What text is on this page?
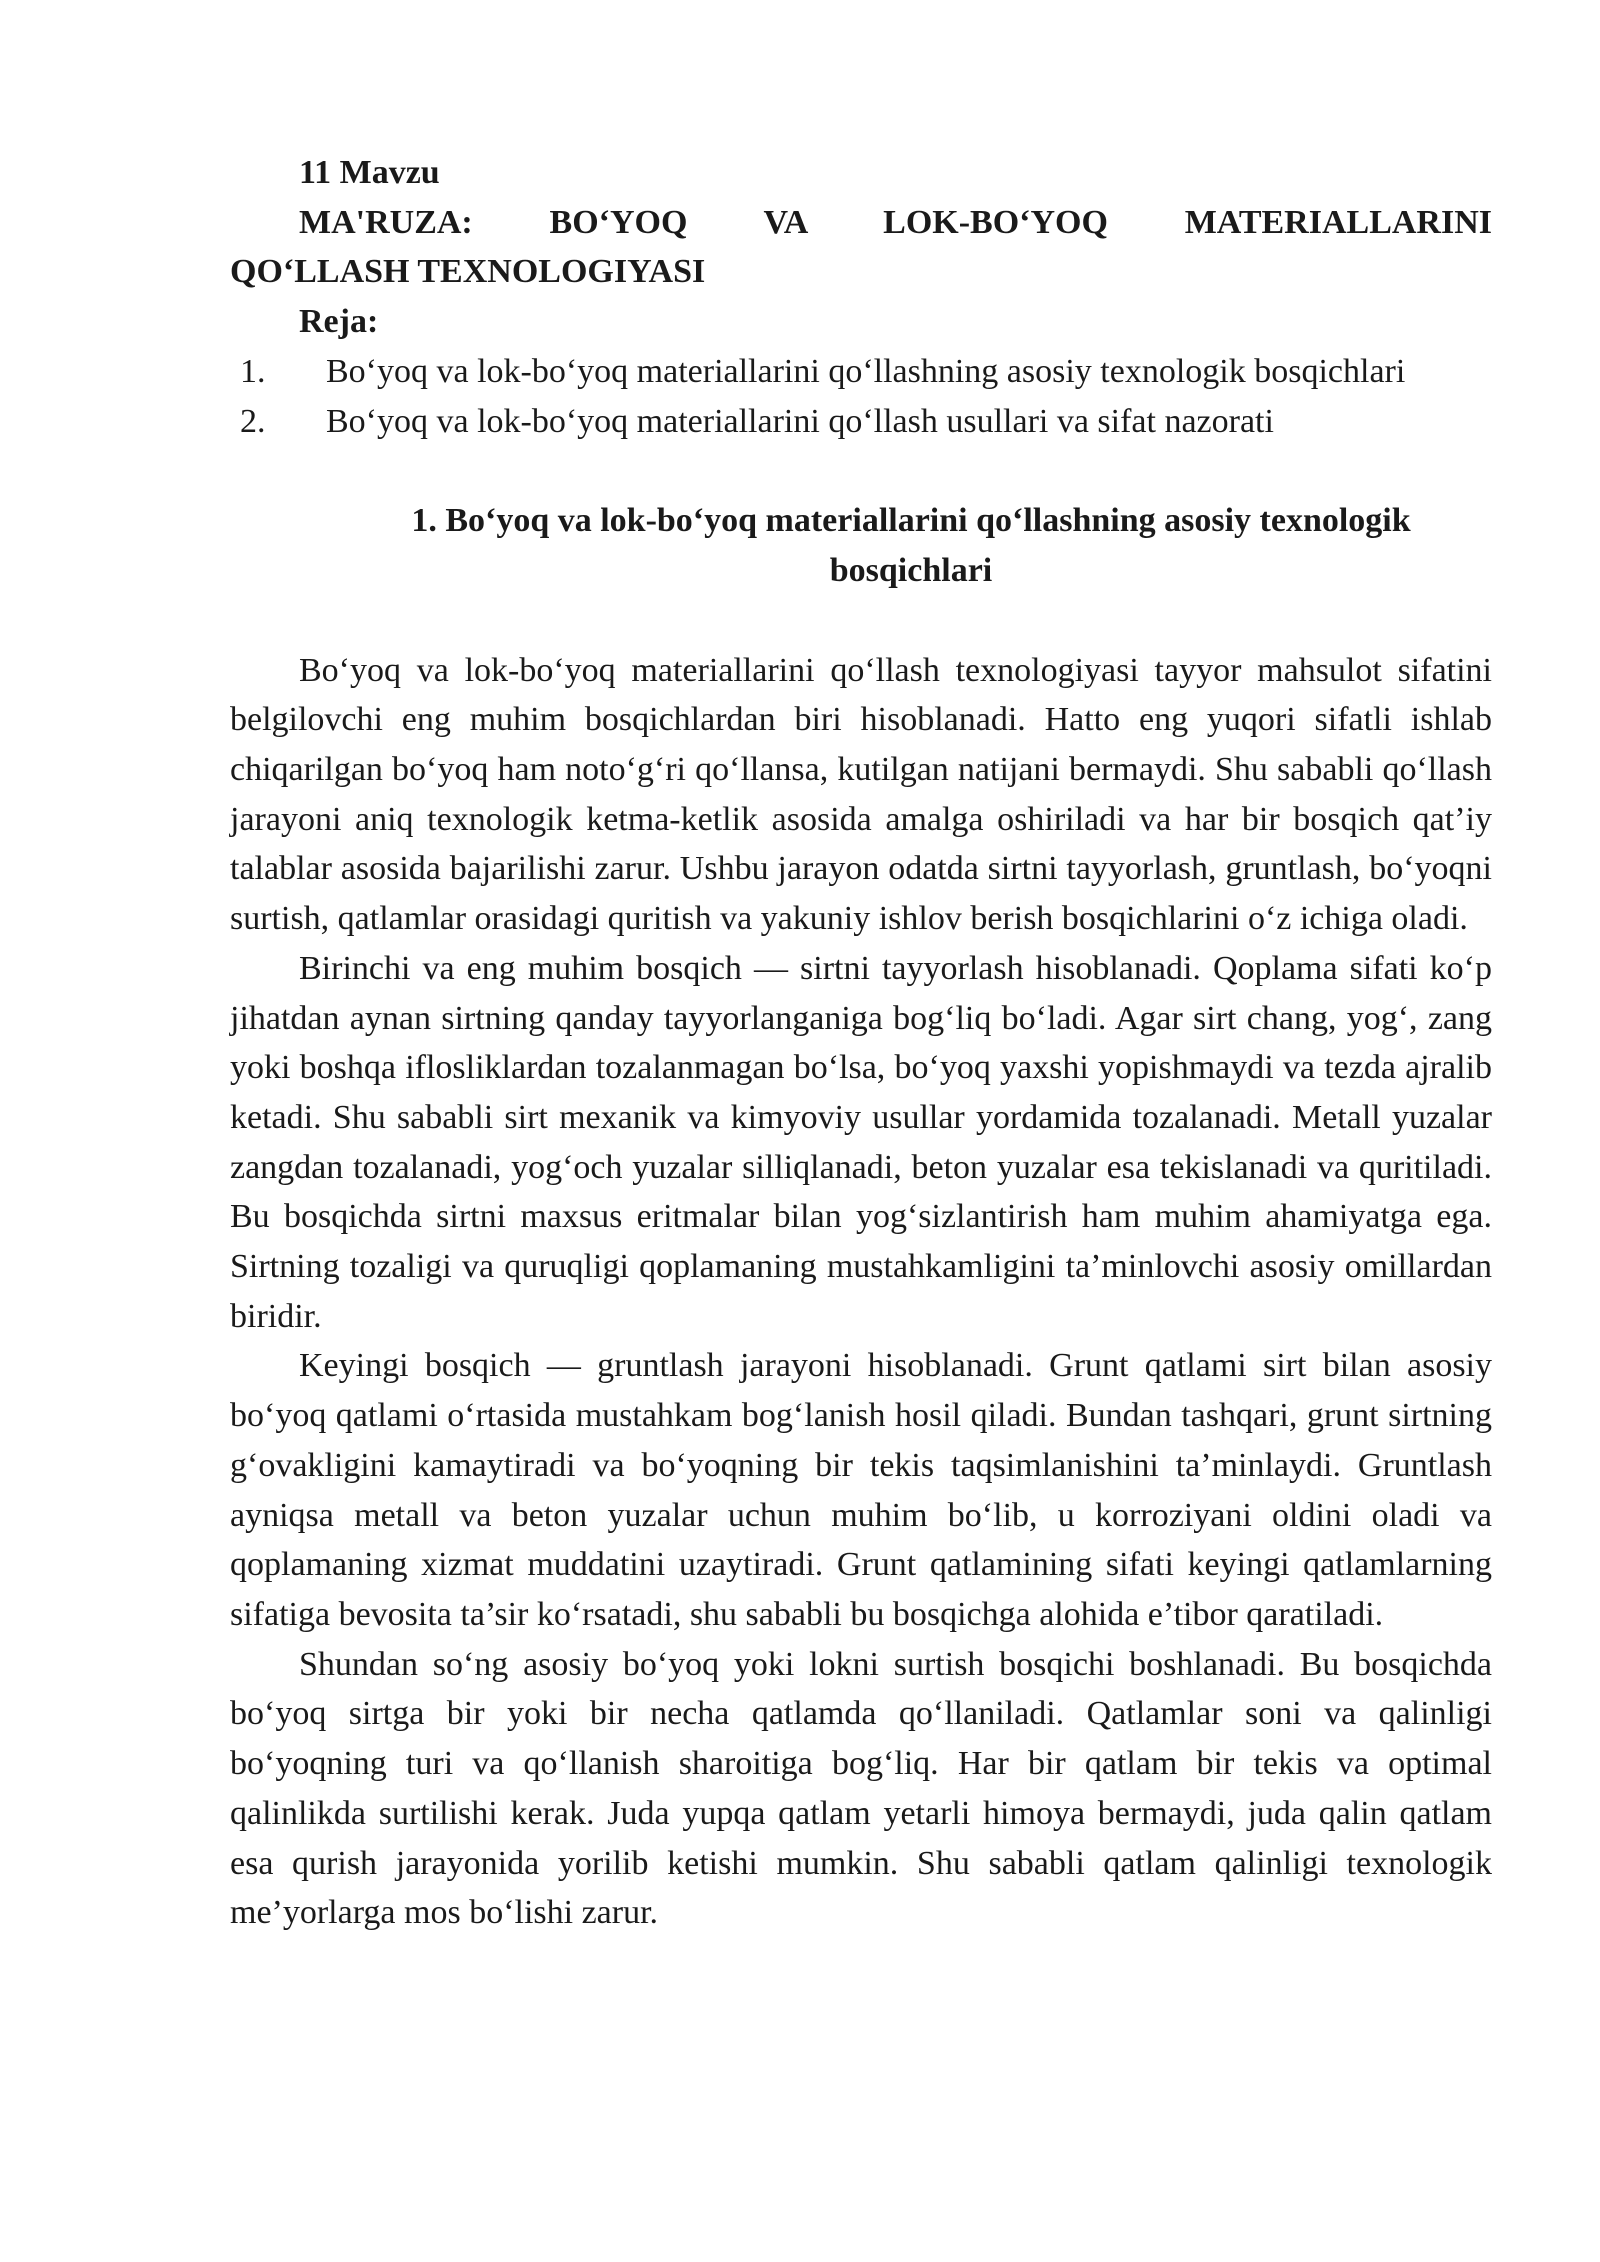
11 Mavzu

MA'RUZA: BO‘YOQ VA LOK-BO‘YOQ MATERIALLARINI
QO‘LLASH TEXNOLOGIYASI

Reja:

1. Bo‘yoq va lok-bo‘yoq materiallarini qo‘llashning asosiy texnologik bosqichlari
2. Bo‘yoq va lok-bo‘yoq materiallarini qo‘llash usullari va sifat nazorati
1. Bo‘yoq va lok-bo‘yoq materiallarini qo‘llashning asosiy texnologik bosqichlari

Bo‘yoq va lok-bo‘yoq materiallarini qo‘llash texnologiyasi tayyor mahsulot sifatini belgilovchi eng muhim bosqichlardan biri hisoblanadi. Hatto eng yuqori sifatli ishlab chiqarilgan bo‘yoq ham noto‘g‘ri qo‘llansa, kutilgan natijani bermaydi. Shu sababli qo‘llash jarayoni aniq texnologik ketma-ketlik asosida amalga oshiriladi va har bir bosqich qat’iy talablar asosida bajarilishi zarur. Ushbu jarayon odatda sirtni tayyorlash, gruntlash, bo‘yoqni surtish, qatlamlar orasidagi quritish va yakuniy ishlov berish bosqichlarini o‘z ichiga oladi.

Birinchi va eng muhim bosqich — sirtni tayyorlash hisoblanadi. Qoplama sifati ko‘p jihatdan aynan sirtning qanday tayyorlanganiga bog‘liq bo‘ladi. Agar sirt chang, yog‘, zang yoki boshqa iflosliklardan tozalanmagan bo‘lsa, bo‘yoq yaxshi yopishmaydi va tezda ajralib ketadi. Shu sababli sirt mexanik va kimyoviy usullar yordamida tozalanadi. Metall yuzalar zangdan tozalanadi, yog‘och yuzalar silliqlanadi, beton yuzalar esa tekislanadi va quritiladi. Bu bosqichda sirtni maxsus eritmalar bilan yog‘sizlantirish ham muhim ahamiyatga ega. Sirtning tozaligi va quruqligi qoplamaning mustahkamligini ta’minlovchi asosiy omillardan biridir.

Keyingi bosqich — gruntlash jarayoni hisoblanadi. Grunt qatlami sirt bilan asosiy bo‘yoq qatlami o‘rtasida mustahkam bog‘lanish hosil qiladi. Bundan tashqari, grunt sirtning g‘ovakligini kamaytiradi va bo‘yoqning bir tekis taqsimlanishini ta’minlaydi. Gruntlash ayniqsa metall va beton yuzalar uchun muhim bo‘lib, u korroziyani oldini oladi va qoplamaning xizmat muddatini uzaytiradi. Grunt qatlamining sifati keyingi qatlamlarning sifatiga bevosita ta’sir ko‘rsatadi, shu sababli bu bosqichga alohida e’tibor qaratiladi.

Shundan so‘ng asosiy bo‘yoq yoki lokni surtish bosqichi boshlanadi. Bu bosqichda bo‘yoq sirtga bir yoki bir necha qatlamda qo‘llaniladi. Qatlamlar soni va qalinligi bo‘yoqning turi va qo‘llanish sharoitiga bog‘liq. Har bir qatlam bir tekis va optimal qalinlikda surtilishi kerak. Juda yupqa qatlam yetarli himoya bermaydi, juda qalin qatlam esa qurish jarayonida yorilib ketishi mumkin. Shu sababli qatlam qalinligi texnologik me’yorlarga mos bo‘lishi zarur.
